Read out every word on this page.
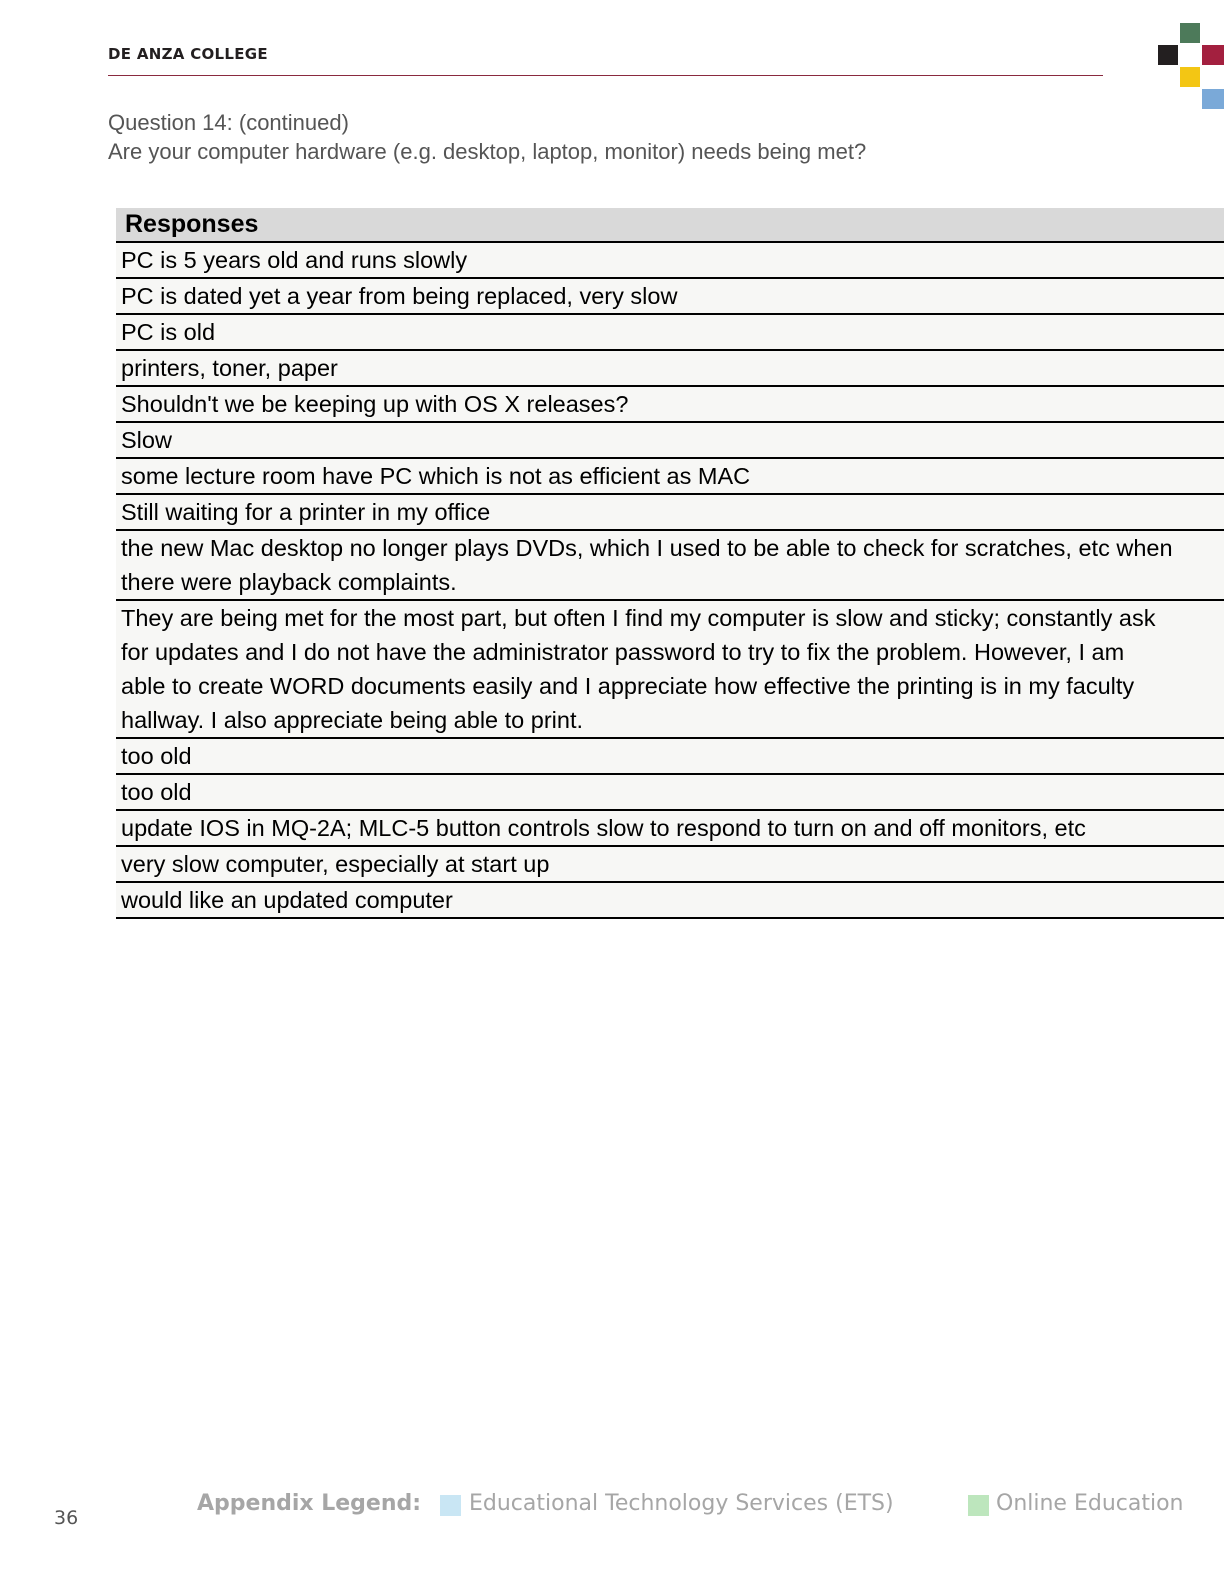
DE ANZA COLLEGE
Question 14: (continued)
Are your computer hardware (e.g. desktop, laptop, monitor) needs being met?
Responses
PC is 5 years old and runs slowly
PC is dated yet a year from being replaced, very slow
PC is old
printers, toner, paper
Shouldn't we be keeping up with OS X releases?
Slow
some lecture room have PC which is not as efficient as MAC
Still waiting for a printer in my office
the new Mac desktop no longer plays DVDs, which I used to be able to check for scratches, etc when
there were playback complaints.
They are being met for the most part, but often I find my computer is slow and sticky; constantly ask
for updates and I do not have the administrator password to try to fix the problem. However, I am
able to create WORD documents easily and I appreciate how effective the printing is in my faculty
hallway. I also appreciate being able to print.
too old
too old
update IOS in MQ-2A; MLC-5 button controls slow to respond to turn on and off monitors, etc
very slow computer, especially at start up
would like an updated computer
36
Appendix Legend: Educational Technology Services (ETS)	Online Education
